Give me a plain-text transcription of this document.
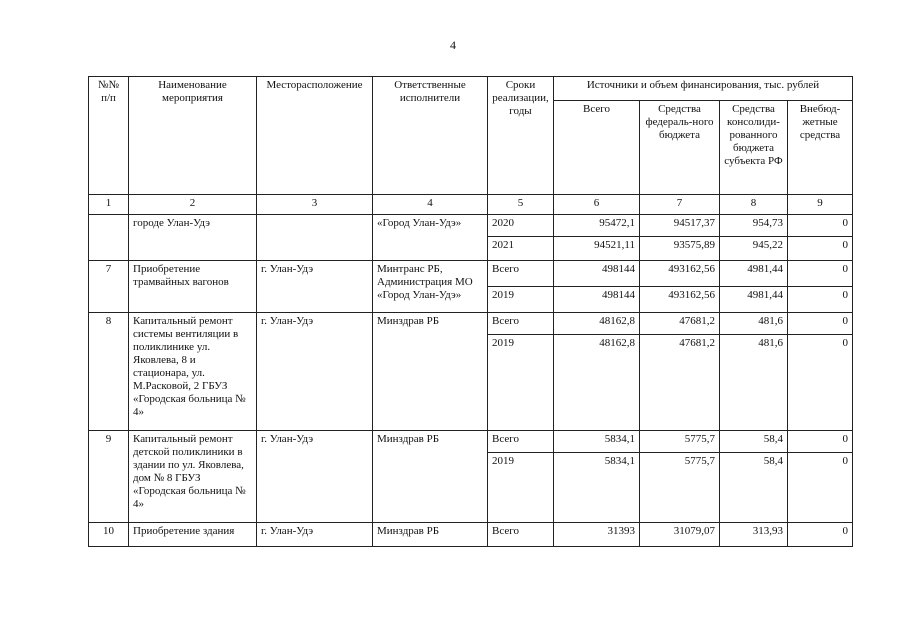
4
№№ п/п	Наименование мероприятия	Месторасположение	Ответственные исполнители	Сроки реализации, годы	Источники и объем финансирования, тыс. рублей			
					Всего	Средства федераль-ного бюджета	Средства консолиди-рованного бюджета субъекта РФ	Внебюд-жетные средства
1	2	3	4	5	6	7	8	9
	городе Улан-Удэ		«Город Улан-Удэ»	2020	95472,1	94517,37	954,73	0
				2021	94521,11	93575,89	945,22	0
7	Приобретение трамвайных вагонов	г. Улан-Удэ	Минтранс РБ, Администрация МО «Город Улан-Удэ»	Всего	498144	493162,56	4981,44	0
				2019	498144	493162,56	4981,44	0
8	Капитальный ремонт системы вентиляции в поликлинике ул. Яковлева, 8 и стационара, ул. М.Расковой, 2 ГБУЗ «Городская больница № 4»	г. Улан-Удэ	Минздрав РБ	Всего	48162,8	47681,2	481,6	0
				2019	48162,8	47681,2	481,6	0
9	Капитальный ремонт детской поликлиники в здании по ул. Яковлева, дом № 8 ГБУЗ «Городская больница № 4»	г. Улан-Удэ	Минздрав РБ	Всего	5834,1	5775,7	58,4	0
				2019	5834,1	5775,7	58,4	0
10	Приобретение здания	г. Улан-Удэ	Минздрав РБ	Всего	31393	31079,07	313,93	0
